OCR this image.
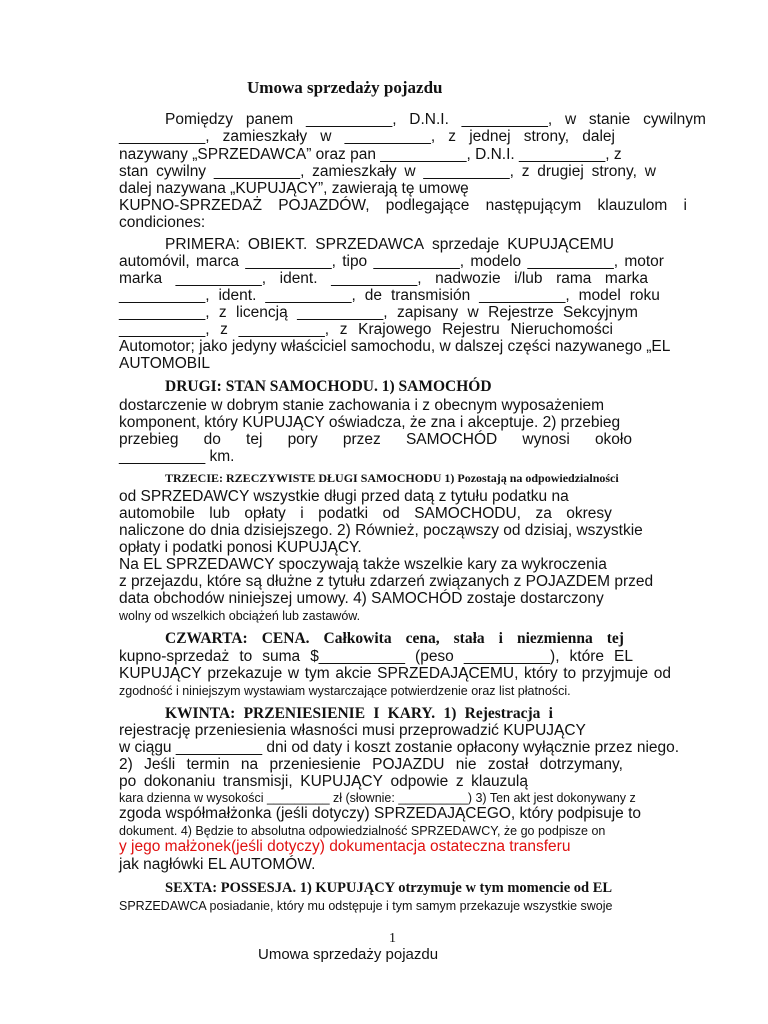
Umowa sprzedaży pojazdu
Pomiędzy panem __________, D.N.I. __________, w stanie cywilnym
__________, zamieszkały w __________, z jednej strony, dalej
nazywany „SPRZEDAWCA” oraz pan __________, D.N.I. __________, z
stan cywilny __________, zamieszkały w __________, z drugiej strony, w
dalej nazywana „KUPUJĄCY”, zawierają tę umowę
KUPNO-SPRZEDAŻ POJAZDÓW, podlegające następującym klauzulom i
condiciones:
PRIMERA: OBIEKT. SPRZEDAWCA sprzedaje KUPUJĄCEMU
automóvil, marca __________, tipo __________, modelo __________, motor
marka __________, ident. __________, nadwozie i/lub rama marka
__________, ident. __________, de transmisión __________, model roku
__________, z licencją __________, zapisany w Rejestrze Sekcyjnym
__________, z __________, z Krajowego Rejestru Nieruchomości
Automotor; jako jedyny właściciel samochodu, w dalszej części nazywanego „EL
AUTOMOBIL
DRUGI: STAN SAMOCHODU. 1) SAMOCHÓD
dostarczenie w dobrym stanie zachowania i z obecnym wyposażeniem
komponent, który KUPUJĄCY oświadcza, że zna i akceptuje. 2) przebieg
przebieg do tej pory przez SAMOCHÓD wynosi około
__________ km.
TRZECIE: RZECZYWISTE DŁUGI SAMOCHODU 1) Pozostają na odpowiedzialności
od SPRZEDAWCY wszystkie długi przed datą z tytułu podatku na
automobile lub opłaty i podatki od SAMOCHODU, za okresy
naliczone do dnia dzisiejszego. 2) Również, począwszy od dzisiaj, wszystkie
opłaty i podatki ponosi KUPUJĄCY.
Na EL SPRZEDAWCY spoczywają także wszelkie kary za wykroczenia
z przejazdu, które są dłużne z tytułu zdarzeń związanych z POJAZDEM przed
data obchodów niniejszej umowy. 4) SAMOCHÓD zostaje dostarczony
wolny od wszelkich obciążeń lub zastawów.
CZWARTA: CENA. Całkowita cena, stała i niezmienna tej
kupno-sprzedaż to suma $__________ (peso __________), które EL
KUPUJĄCY przekazuje w tym akcie SPRZEDAJĄCEMU, który to przyjmuje od
zgodność i niniejszym wystawiam wystarczające potwierdzenie oraz list płatności.
KWINTA: PRZENIESIENIE I KARY. 1) Rejestracja i
rejestrację przeniesienia własności musi przeprowadzić KUPUJĄCY
w ciągu __________ dni od daty i koszt zostanie opłacony wyłącznie przez niego.
2) Jeśli termin na przeniesienie POJAZDU nie został dotrzymany,
po dokonaniu transmisji, KUPUJĄCY odpowie z klauzulą
kara dzienna w wysokości _________ zł (słownie: __________) 3) Ten akt jest dokonywany z
zgoda współmałżonka (jeśli dotyczy) SPRZEDAJĄCEGO, który podpisuje to
dokument. 4) Będzie to absolutna odpowiedzialność SPRZEDAWCY, że go podpisze on
y jego małżonek(jeśli dotyczy) dokumentacja ostateczna transferu
jak nagłówki EL AUTOMÓW.
SEXTA: POSSESJA. 1) KUPUJĄCY otrzymuje w tym momencie od EL
SPRZEDAWCA posiadanie, który mu odstępuje i tym samym przekazuje wszystkie swoje
1
Umowa sprzedaży pojazdu
